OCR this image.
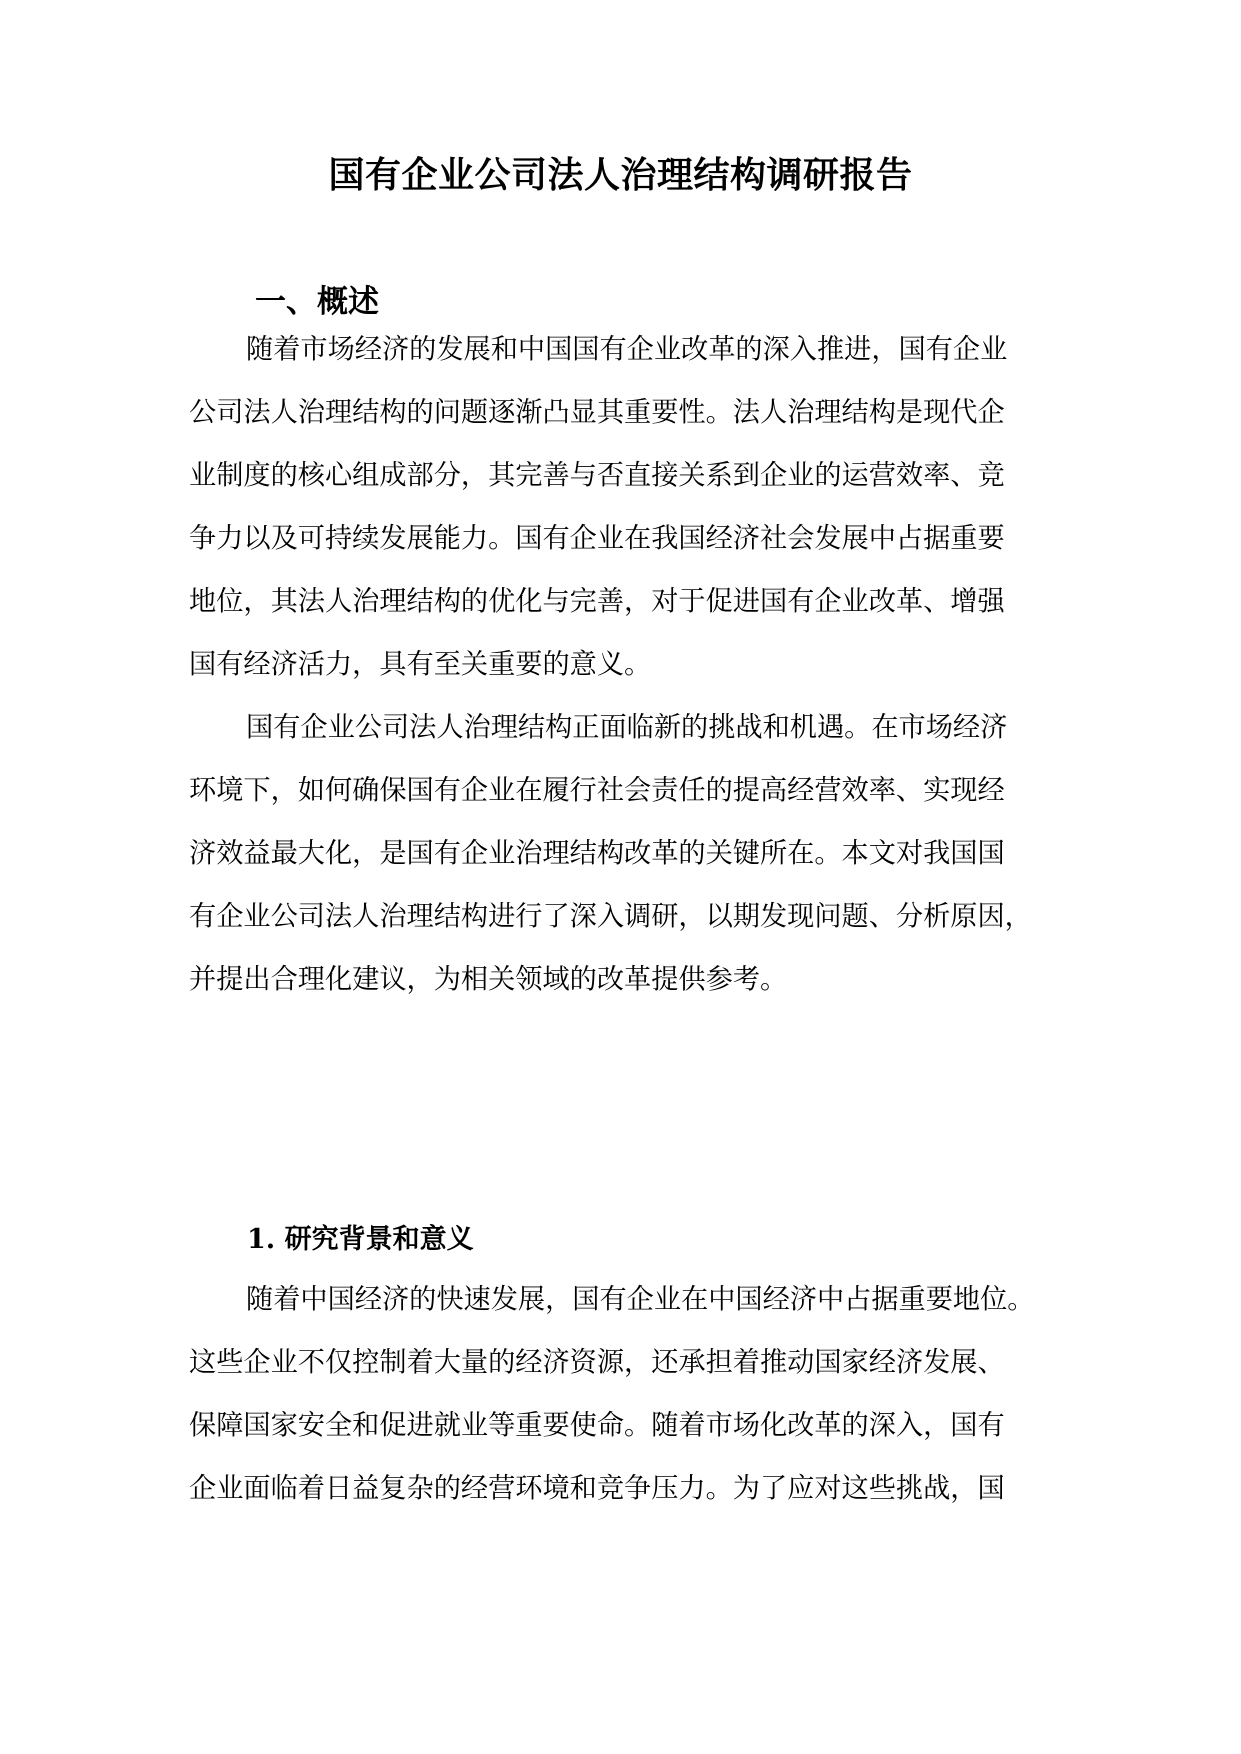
国有企业公司法人治理结构调研报告
一、概述
随着市场经济的发展和中国国有企业改革的深入推进，国有企业
公司法人治理结构的问题逐渐凸显其重要性。法人治理结构是现代企
业制度的核心组成部分，其完善与否直接关系到企业的运营效率、竞
争力以及可持续发展能力。国有企业在我国经济社会发展中占据重要
地位，其法人治理结构的优化与完善，对于促进国有企业改革、增强
国有经济活力，具有至关重要的意义。
国有企业公司法人治理结构正面临新的挑战和机遇。在市场经济
环境下，如何确保国有企业在履行社会责任的提高经营效率、实现经
济效益最大化，是国有企业治理结构改革的关键所在。本文对我国国
有企业公司法人治理结构进行了深入调研，以期发现问题、分析原因，
并提出合理化建议，为相关领域的改革提供参考。
1. 研究背景和意义
随着中国经济的快速发展，国有企业在中国经济中占据重要地位。
这些企业不仅控制着大量的经济资源，还承担着推动国家经济发展、
保障国家安全和促进就业等重要使命。随着市场化改革的深入，国有
企业面临着日益复杂的经营环境和竞争压力。为了应对这些挑战，国
